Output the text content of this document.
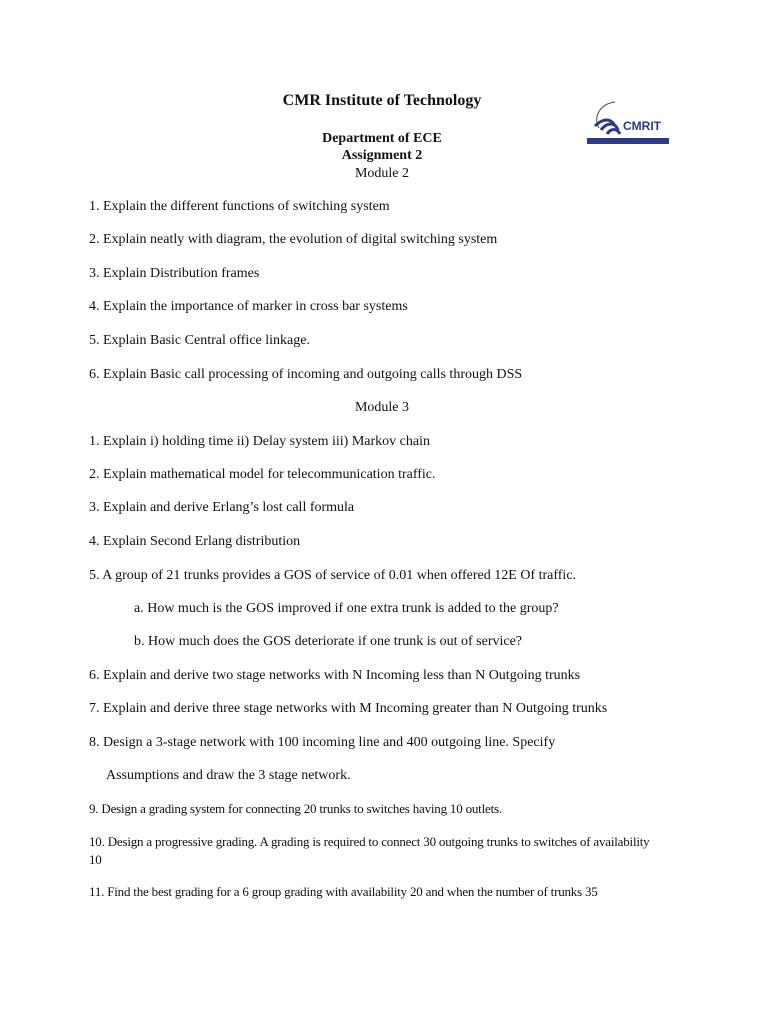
CMRIT
CMR Institute of Technology
Department of ECE
Assignment 2
Module 2
1. Explain the different functions of switching system
2. Explain neatly with diagram, the evolution of digital switching system
3. Explain Distribution frames
4. Explain the importance of marker in cross bar systems
5. Explain Basic Central office linkage.
6. Explain Basic call processing of incoming and outgoing calls through DSS
Module 3
1. Explain i) holding time ii) Delay system iii) Markov chain
2. Explain mathematical model for telecommunication traffic.
3. Explain and derive Erlang’s lost call formula
4. Explain Second Erlang distribution
5. A group of 21 trunks provides a GOS of service of 0.01 when offered 12E Of traffic.
a. How much is the GOS improved if one extra trunk is added to the group?
b. How much does the GOS deteriorate if one trunk is out of service?
6. Explain and derive two stage networks with N Incoming less than N Outgoing trunks
7. Explain and derive three stage networks with M Incoming greater than N Outgoing trunks
8. Design a 3-stage network with 100 incoming line and 400 outgoing line. Specify
Assumptions and draw the 3 stage network.
9. Design a grading system for connecting 20 trunks to switches having 10 outlets.
10. Design a progressive grading. A grading is required to connect 30 outgoing trunks to switches of availability 10
11. Find the best grading for a 6 group grading with availability 20 and when the number of trunks 35
